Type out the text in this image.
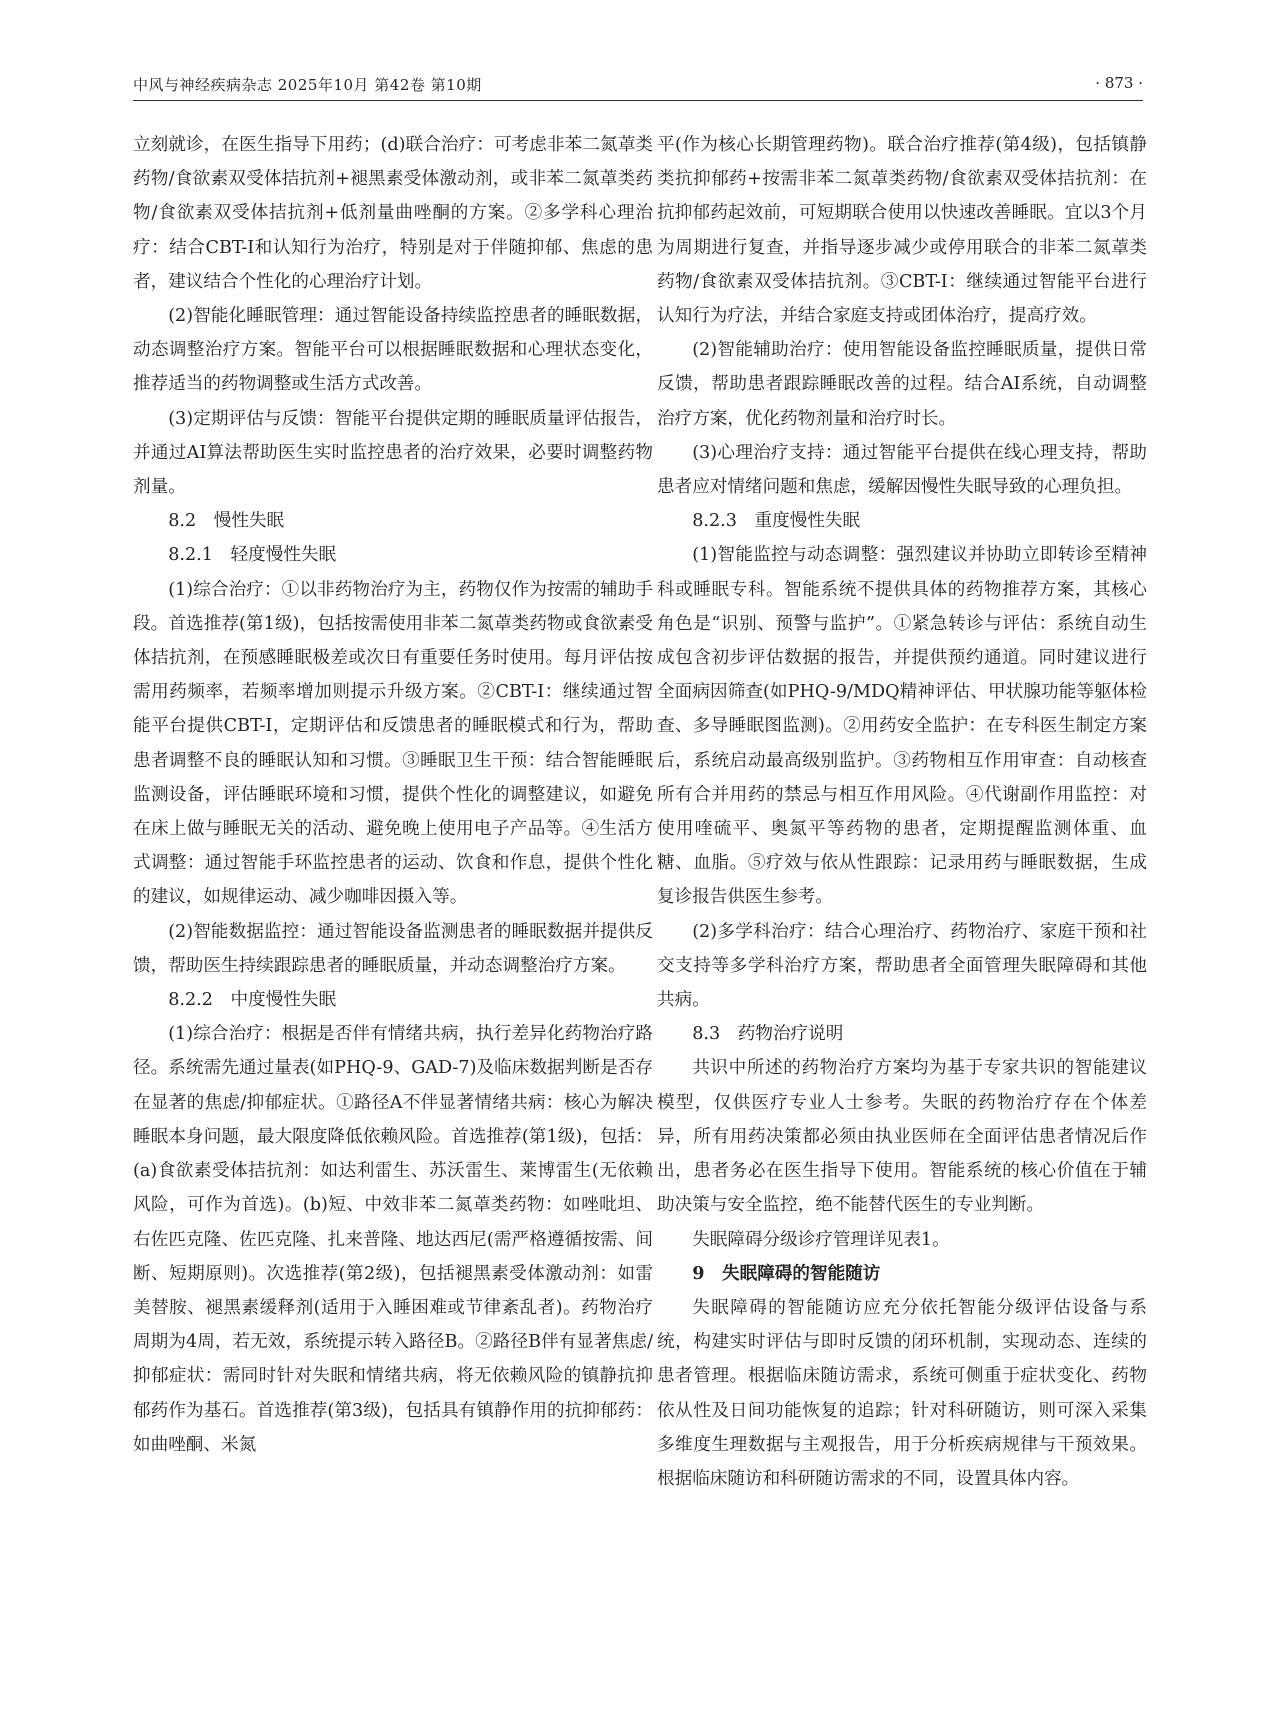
中风与神经疾病杂志 2025年10月 第42卷 第10期	· 873 ·

立刻就诊，在医生指导下用药；(d)联合治疗：可考虑非苯二氮䓬类药物/食欲素双受体拮抗剂+褪黑素受体激动剂，或非苯二氮䓬类药物/食欲素双受体拮抗剂+低剂量曲唑酮的方案。②多学科心理治疗：结合CBT-I和认知行为治疗，特别是对于伴随抑郁、焦虑的患者，建议结合个性化的心理治疗计划。

(2)智能化睡眠管理：通过智能设备持续监控患者的睡眠数据，动态调整治疗方案。智能平台可以根据睡眠数据和心理状态变化，推荐适当的药物调整或生活方式改善。

(3)定期评估与反馈：智能平台提供定期的睡眠质量评估报告，并通过AI算法帮助医生实时监控患者的治疗效果，必要时调整药物剂量。

8.2　慢性失眠

8.2.1　轻度慢性失眠

(1)综合治疗：①以非药物治疗为主，药物仅作为按需的辅助手段。首选推荐(第1级)，包括按需使用非苯二氮䓬类药物或食欲素受体拮抗剂，在预感睡眠极差或次日有重要任务时使用。每月评估按需用药频率，若频率增加则提示升级方案。②CBT-I：继续通过智能平台提供CBT-I，定期评估和反馈患者的睡眠模式和行为，帮助患者调整不良的睡眠认知和习惯。③睡眠卫生干预：结合智能睡眠监测设备，评估睡眠环境和习惯，提供个性化的调整建议，如避免在床上做与睡眠无关的活动、避免晚上使用电子产品等。④生活方式调整：通过智能手环监控患者的运动、饮食和作息，提供个性化的建议，如规律运动、减少咖啡因摄入等。

(2)智能数据监控：通过智能设备监测患者的睡眠数据并提供反馈，帮助医生持续跟踪患者的睡眠质量，并动态调整治疗方案。

8.2.2　中度慢性失眠

(1)综合治疗：根据是否伴有情绪共病，执行差异化药物治疗路径。系统需先通过量表(如PHQ-9、GAD-7)及临床数据判断是否存在显著的焦虑/抑郁症状。①路径A不伴显著情绪共病：核心为解决睡眠本身问题，最大限度降低依赖风险。首选推荐(第1级)，包括：(a)食欲素受体拮抗剂：如达利雷生、苏沃雷生、莱博雷生(无依赖风险，可作为首选)。(b)短、中效非苯二氮䓬类药物：如唑吡坦、右佐匹克隆、佐匹克隆、扎来普隆、地达西尼(需严格遵循按需、间断、短期原则)。次选推荐(第2级)，包括褪黑素受体激动剂：如雷美替胺、褪黑素缓释剂(适用于入睡困难或节律紊乱者)。药物治疗周期为4周，若无效，系统提示转入路径B。②路径B伴有显著焦虑/抑郁症状：需同时针对失眠和情绪共病，将无依赖风险的镇静抗抑郁药作为基石。首选推荐(第3级)，包括具有镇静作用的抗抑郁药：如曲唑酮、米氮

平(作为核心长期管理药物)。联合治疗推荐(第4级)，包括镇静类抗抑郁药+按需非苯二氮䓬类药物/食欲素双受体拮抗剂：在抗抑郁药起效前，可短期联合使用以快速改善睡眠。宜以3个月为周期进行复查，并指导逐步减少或停用联合的非苯二氮䓬类药物/食欲素双受体拮抗剂。③CBT-I：继续通过智能平台进行认知行为疗法，并结合家庭支持或团体治疗，提高疗效。

(2)智能辅助治疗：使用智能设备监控睡眠质量，提供日常反馈，帮助患者跟踪睡眠改善的过程。结合AI系统，自动调整治疗方案，优化药物剂量和治疗时长。

(3)心理治疗支持：通过智能平台提供在线心理支持，帮助患者应对情绪问题和焦虑，缓解因慢性失眠导致的心理负担。

8.2.3　重度慢性失眠

(1)智能监控与动态调整：强烈建议并协助立即转诊至精神科或睡眠专科。智能系统不提供具体的药物推荐方案，其核心角色是“识别、预警与监护”。①紧急转诊与评估：系统自动生成包含初步评估数据的报告，并提供预约通道。同时建议进行全面病因筛查(如PHQ-9/MDQ精神评估、甲状腺功能等躯体检查、多导睡眠图监测)。②用药安全监护：在专科医生制定方案后，系统启动最高级别监护。③药物相互作用审查：自动核查所有合并用药的禁忌与相互作用风险。④代谢副作用监控：对使用喹硫平、奥氮平等药物的患者，定期提醒监测体重、血糖、血脂。⑤疗效与依从性跟踪：记录用药与睡眠数据，生成复诊报告供医生参考。

(2)多学科治疗：结合心理治疗、药物治疗、家庭干预和社交支持等多学科治疗方案，帮助患者全面管理失眠障碍和其他共病。

8.3　药物治疗说明

共识中所述的药物治疗方案均为基于专家共识的智能建议模型，仅供医疗专业人士参考。失眠的药物治疗存在个体差异，所有用药决策都必须由执业医师在全面评估患者情况后作出，患者务必在医生指导下使用。智能系统的核心价值在于辅助决策与安全监控，绝不能替代医生的专业判断。

失眠障碍分级诊疗管理详见表1。

9　失眠障碍的智能随访

失眠障碍的智能随访应充分依托智能分级评估设备与系统，构建实时评估与即时反馈的闭环机制，实现动态、连续的患者管理。根据临床随访需求，系统可侧重于症状变化、药物依从性及日间功能恢复的追踪；针对科研随访，则可深入采集多维度生理数据与主观报告，用于分析疾病规律与干预效果。根据临床随访和科研随访需求的不同，设置具体内容。
